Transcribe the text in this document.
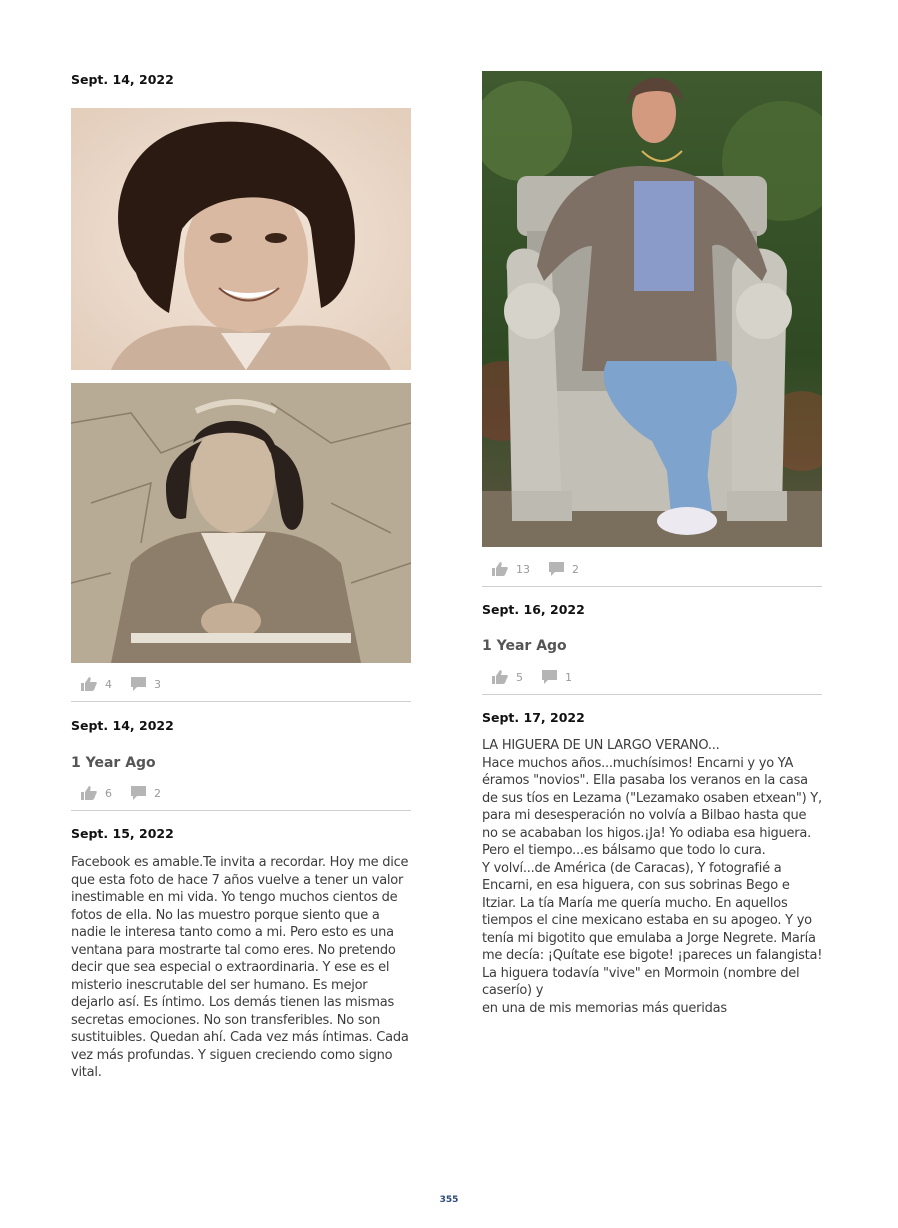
Sept. 14, 2022
4	3
Sept. 14, 2022
1 Year Ago
6	2
Sept. 15, 2022

Facebook es amable.Te invita a recordar. Hoy me dice que esta foto de hace 7 años vuelve a tener un valor inestimable en mi vida. Yo tengo muchos cientos de fotos de ella. No las muestro porque siento que a nadie le interesa tanto como a mi. Pero esto es una ventana para mostrarte tal como eres. No pretendo decir que sea especial o extraordinaria. Y ese es el misterio inescrutable del ser humano. Es mejor dejarlo así. Es íntimo. Los demás tienen las mismas secretas emociones. No son transferibles. No son sustituibles. Quedan ahí. Cada vez más íntimas. Cada vez más profundas. Y siguen creciendo como signo vital.

13	2
Sept. 16, 2022
1 Year Ago
5	1
Sept. 17, 2022

LA HIGUERA DE UN LARGO VERANO...

Hace muchos años...muchísimos! Encarni y yo YA éramos "novios". Ella pasaba los veranos en la casa de sus tíos en Lezama ("Lezamako osaben etxean") Y, para mi desesperación no volvía a Bilbao hasta que no se acababan los higos.¡Ja! Yo odiaba esa higuera. Pero el tiempo...es bálsamo que todo lo cura.

Y volví...de América (de Caracas), Y fotografié a Encarni, en esa higuera, con sus sobrinas Bego e Itziar. La tía María me quería mucho. En aquellos tiempos el cine mexicano estaba en su apogeo. Y yo tenía mi bigotito que emulaba a Jorge Negrete. María me decía: ¡Quítate ese bigote! ¡pareces un falangista!

La higuera todavía "vive" en Mormoin (nombre del caserío) y

en una de mis memorias más queridas

355
